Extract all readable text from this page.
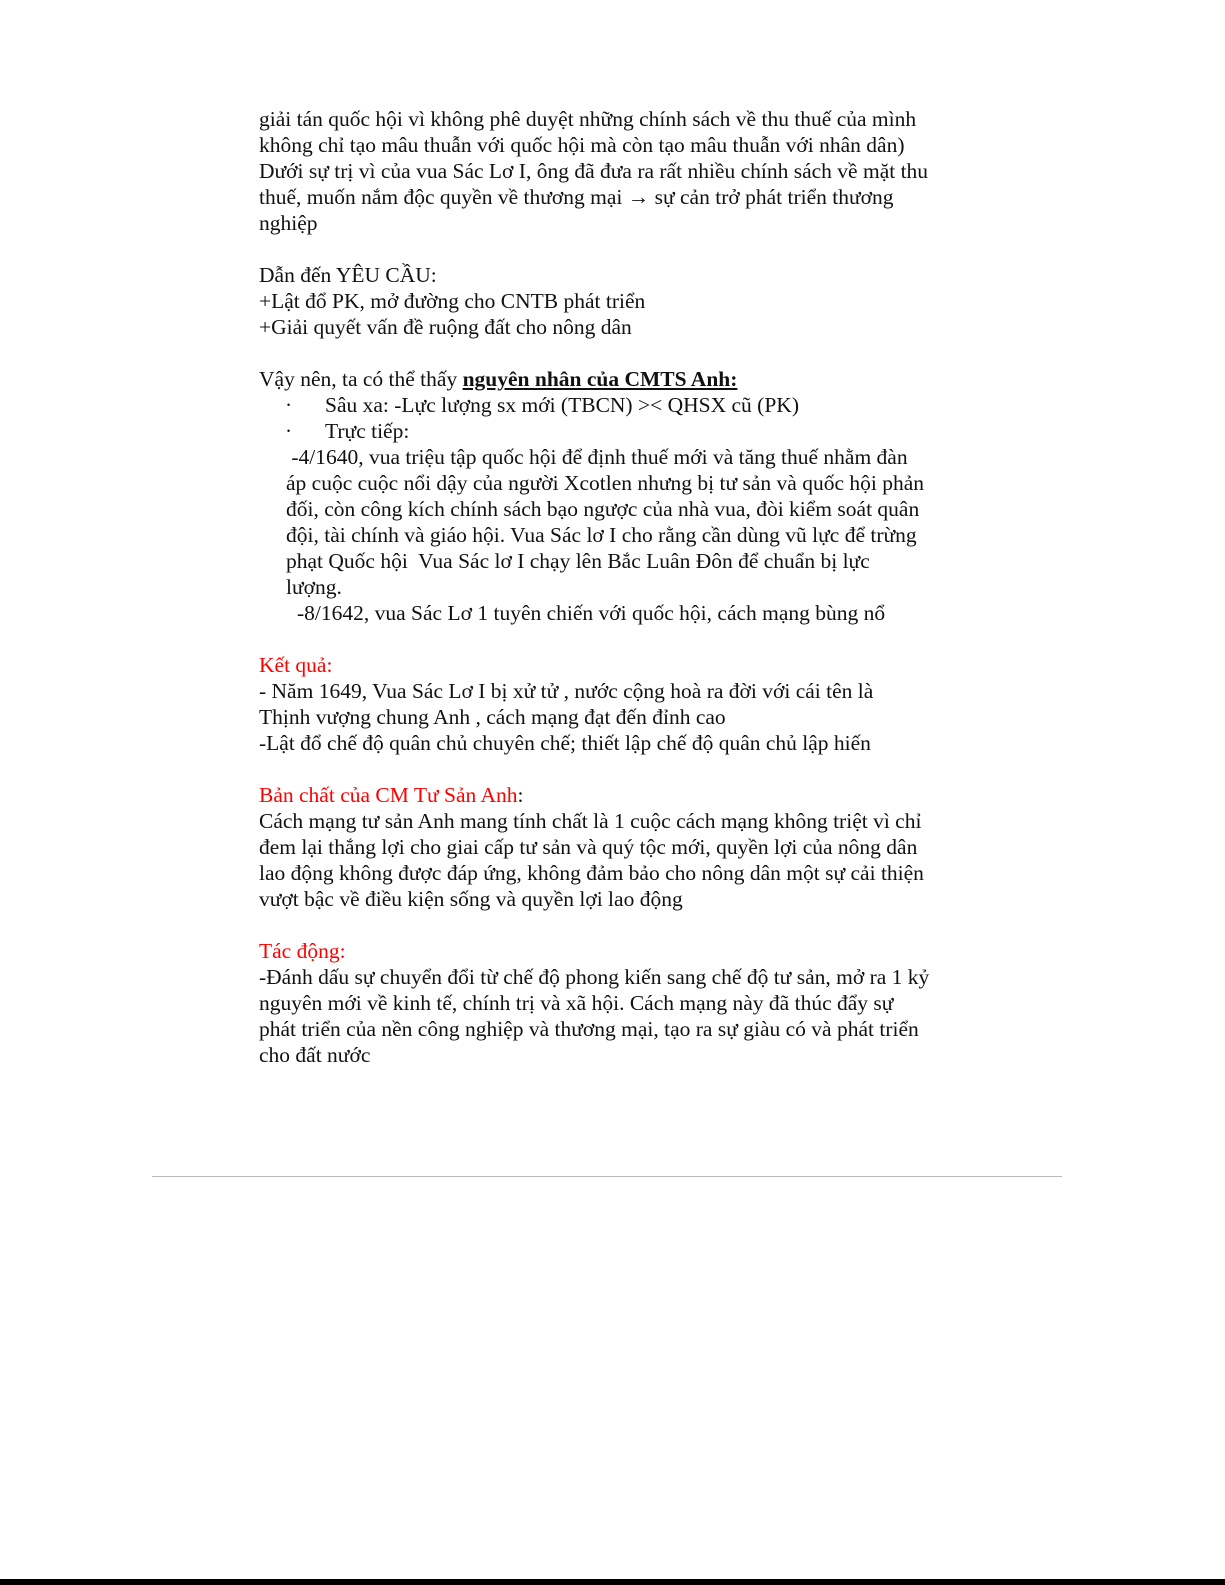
giải tán quốc hội vì không phê duyệt những chính sách về thu thuế của mình

không chỉ tạo mâu thuẫn với quốc hội mà còn tạo mâu thuẫn với nhân dân)

Dưới sự trị vì của vua Sác Lơ I, ông đã đưa ra rất nhiều chính sách về mặt thu

thuế, muốn nắm độc quyền về thương mại → sự cản trở phát triển thương

nghiệp

Dẫn đến YÊU CẦU:

+Lật đổ PK, mở đường cho CNTB phát triển

+Giải quyết vấn đề ruộng đất cho nông dân

Vậy nên, ta có thể thấy nguyên nhân của CMTS Anh:

· Sâu xa: -Lực lượng sx mới (TBCN) >< QHSX cũ (PK)

· Trực tiếp:

-4/1640, vua triệu tập quốc hội để định thuế mới và tăng thuế nhằm đàn

áp cuộc cuộc nổi dậy của người Xcotlen nhưng bị tư sản và quốc hội phản

đối, còn công kích chính sách bạo ngược của nhà vua, đòi kiểm soát quân

đội, tài chính và giáo hội. Vua Sác lơ I cho rằng cần dùng vũ lực để trừng

phạt Quốc hội  Vua Sác lơ I chạy lên Bắc Luân Đôn để chuẩn bị lực

lượng.

-8/1642, vua Sác Lơ 1 tuyên chiến với quốc hội, cách mạng bùng nổ

Kết quả:

- Năm 1649, Vua Sác Lơ I bị xử tử , nước cộng hoà ra đời với cái tên là

Thịnh vượng chung Anh , cách mạng đạt đến đỉnh cao

-Lật đổ chế độ quân chủ chuyên chế; thiết lập chế độ quân chủ lập hiến

Bản chất của CM Tư Sản Anh:

Cách mạng tư sản Anh mang tính chất là 1 cuộc cách mạng không triệt vì chỉ

đem lại thắng lợi cho giai cấp tư sản và quý tộc mới, quyền lợi của nông dân

lao động không được đáp ứng, không đảm bảo cho nông dân một sự cải thiện

vượt bậc về điều kiện sống và quyền lợi lao động

Tác động:

-Đánh dấu sự chuyển đổi từ chế độ phong kiến sang chế độ tư sản, mở ra 1 kỷ

nguyên mới về kinh tế, chính trị và xã hội. Cách mạng này đã thúc đẩy sự

phát triển của nền công nghiệp và thương mại, tạo ra sự giàu có và phát triển

cho đất nước
